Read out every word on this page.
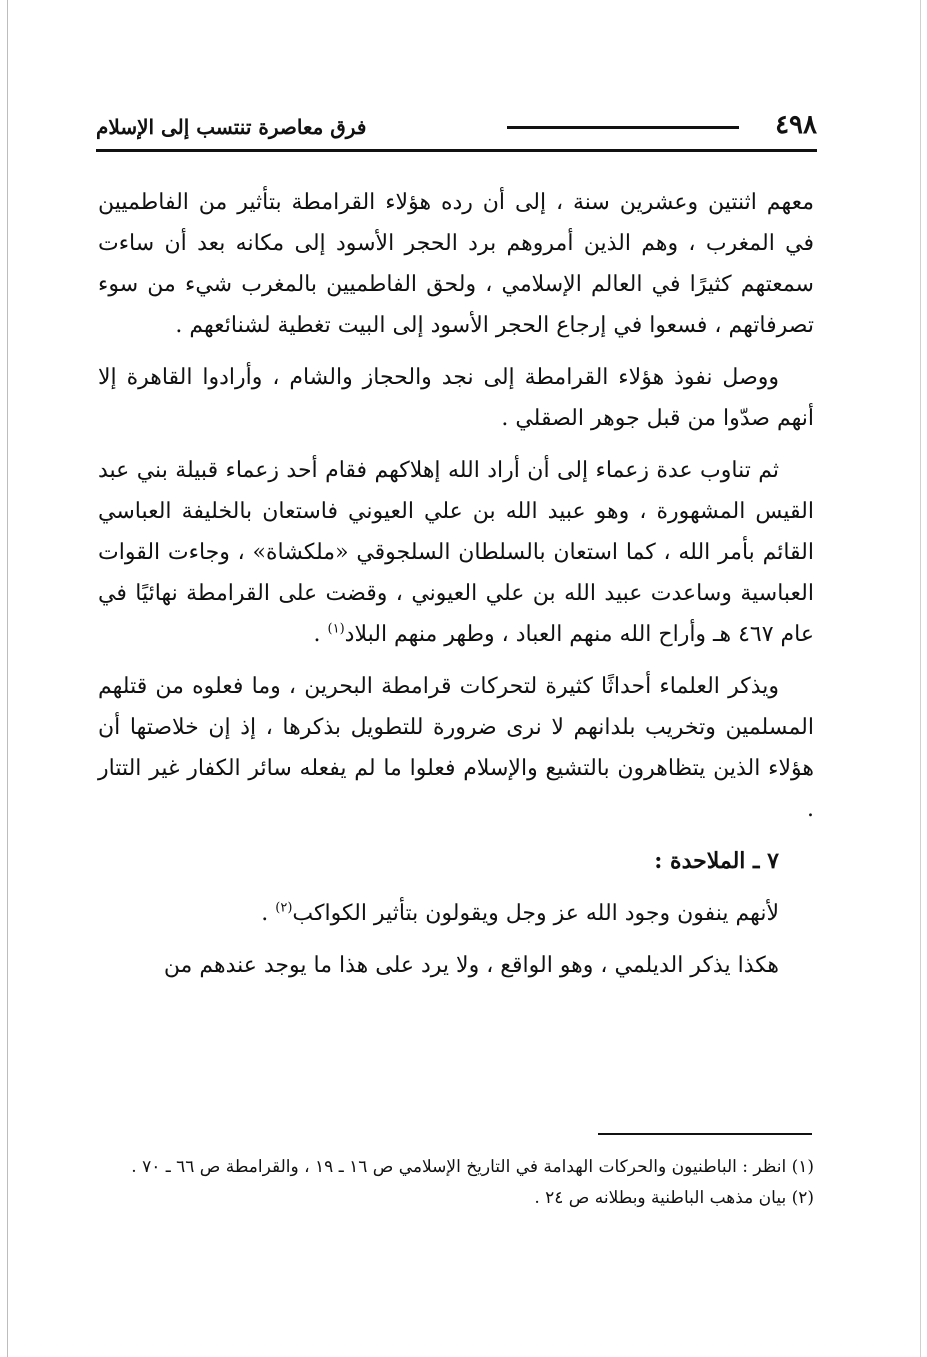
٤٩٨
فرق معاصرة تنتسب إلى الإسلام

معهم اثنتين وعشرين سنة ، إلى أن رده هؤلاء القرامطة بتأثير من الفاطميين في المغرب ، وهم الذين أمروهم برد الحجر الأسود إلى مكانه بعد أن ساءت سمعتهم كثيرًا في العالم الإسلامي ، ولحق الفاطميين بالمغرب شيء من سوء تصرفاتهم ، فسعوا في إرجاع الحجر الأسود إلى البيت تغطية لشنائعهم .

ووصل نفوذ هؤلاء القرامطة إلى نجد والحجاز والشام ، وأرادوا القاهرة إلا أنهم صدّوا من قبل جوهر الصقلي .

ثم تناوب عدة زعماء إلى أن أراد الله إهلاكهم فقام أحد زعماء قبيلة بني عبد القيس المشهورة ، وهو عبيد الله بن علي العيوني فاستعان بالخليفة العباسي القائم بأمر الله ، كما استعان بالسلطان السلجوقي «ملكشاة» ، وجاءت القوات العباسية وساعدت عبيد الله بن علي العيوني ، وقضت على القرامطة نهائيًا في عام ٤٦٧ هـ وأراح الله منهم العباد ، وطهر منهم البلاد$^{(١)}$ .

ويذكر العلماء أحداثًا كثيرة لتحركات قرامطة البحرين ، وما فعلوه من قتلهم المسلمين وتخريب بلدانهم لا نرى ضرورة للتطويل بذكرها ، إذ إن خلاصتها أن هؤلاء الذين يتظاهرون بالتشيع والإسلام فعلوا ما لم يفعله سائر الكفار غير التتار .

٧ ـ الملاحدة :

لأنهم ينفون وجود الله عز وجل ويقولون بتأثير الكواكب$^{(٢)}$ .

هكذا يذكر الديلمي ، وهو الواقع ، ولا يرد على هذا ما يوجد عندهم من

(١) انظر : الباطنيون والحركات الهدامة في التاريخ الإسلامي ص ١٦ ـ ١٩ ، والقرامطة ص ٦٦ ـ ٧٠ .

(٢) بيان مذهب الباطنية وبطلانه ص ٢٤ .
